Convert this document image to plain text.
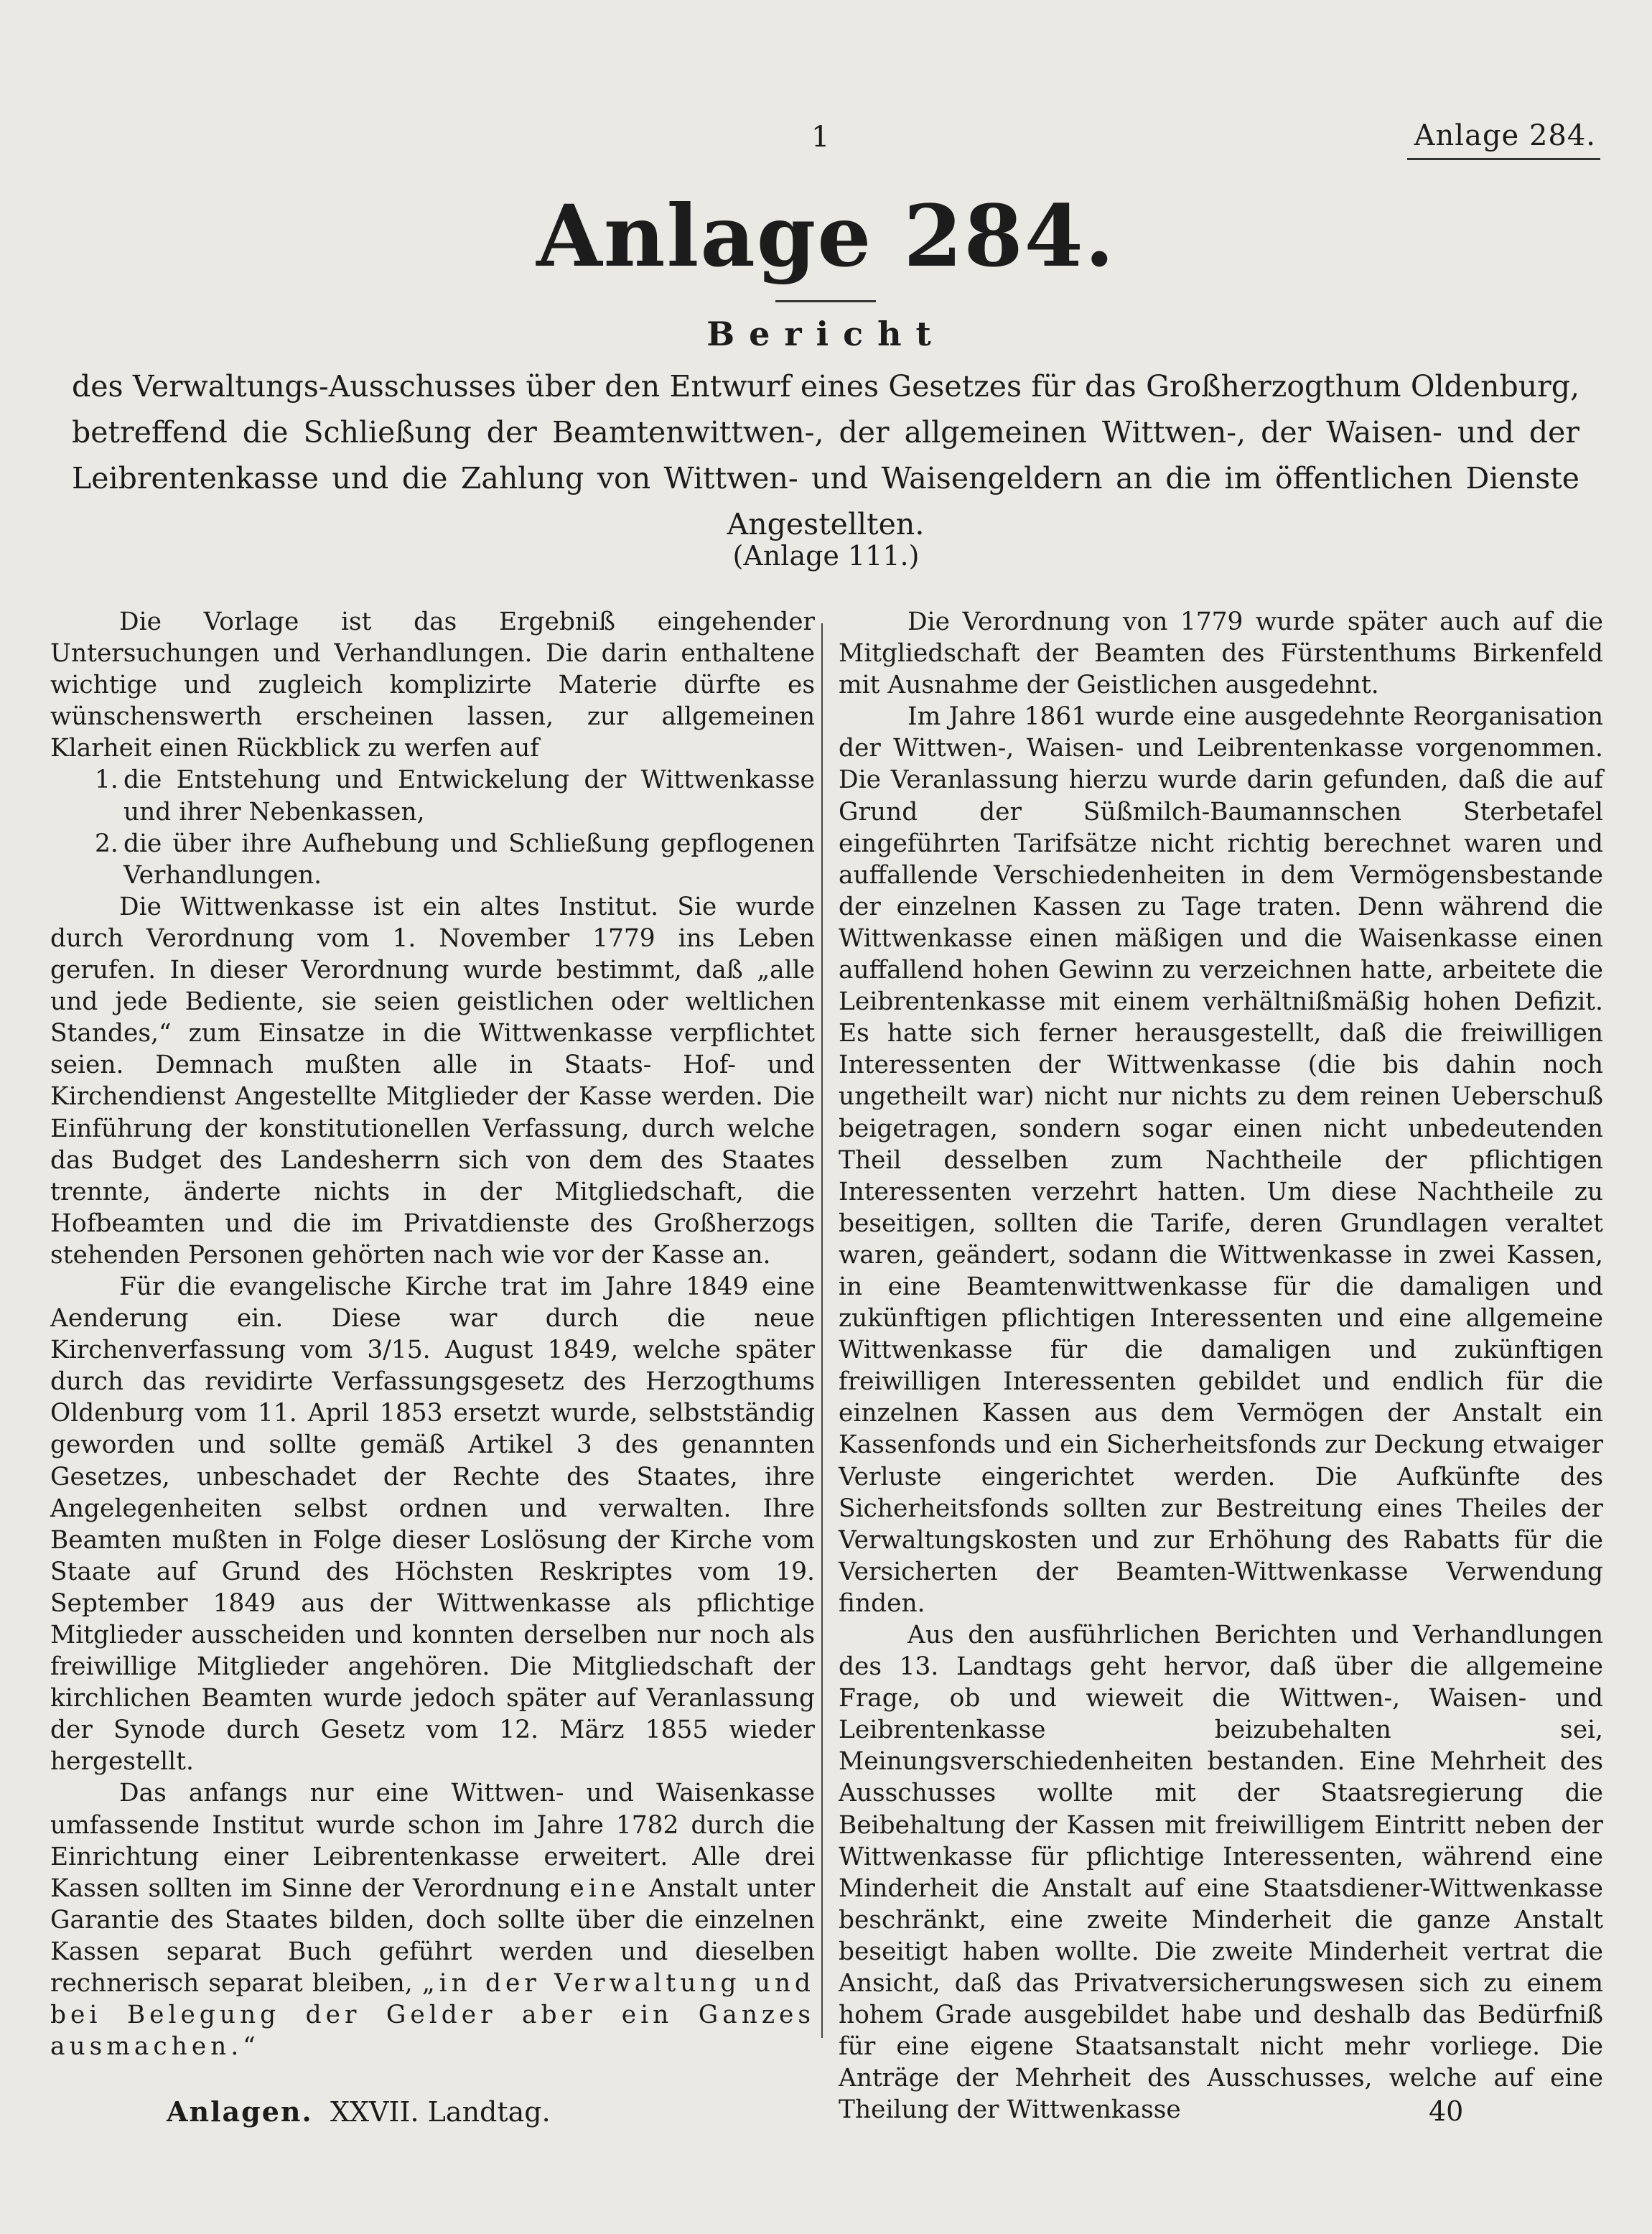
1	Anlage 284.
Anlage 284.
Bericht
des Verwaltungs-Ausschusses über den Entwurf eines Gesetzes für das Großherzogthum Oldenburg, betreffend die Schließung der Beamtenwittwen-, der allgemeinen Wittwen-, der Waisen- und der Leibrentenkasse und die Zahlung von Wittwen- und Waisengeldern an die im öffentlichen Dienste Angestellten.
(Anlage 111.)

Die Vorlage ist das Ergebniß eingehender Untersuchungen und Verhandlungen. Die darin enthaltene wichtige und zugleich komplizirte Materie dürfte es wünschenswerth erscheinen lassen, zur allgemeinen Klarheit einen Rückblick zu werfen auf

1. die Entstehung und Entwickelung der Wittwenkasse und ihrer Nebenkassen,
2. die über ihre Aufhebung und Schließung gepflogenen Verhandlungen.

Die Wittwenkasse ist ein altes Institut. Sie wurde durch Verordnung vom 1. November 1779 ins Leben gerufen. In dieser Verordnung wurde bestimmt, daß „alle und jede Bediente, sie seien geistlichen oder weltlichen Standes,“ zum Einsatze in die Wittwenkasse verpflichtet seien. Demnach mußten alle in Staats- Hof- und Kirchendienst Angestellte Mitglieder der Kasse werden. Die Einführung der konstitutionellen Verfassung, durch welche das Budget des Landesherrn sich von dem des Staates trennte, änderte nichts in der Mitgliedschaft, die Hofbeamten und die im Privatdienste des Großherzogs stehenden Personen gehörten nach wie vor der Kasse an.

Für die evangelische Kirche trat im Jahre 1849 eine Aenderung ein. Diese war durch die neue Kirchenverfassung vom 3/15. August 1849, welche später durch das revidirte Verfassungsgesetz des Herzogthums Oldenburg vom 11. April 1853 ersetzt wurde, selbstständig geworden und sollte gemäß Artikel 3 des genannten Gesetzes, unbeschadet der Rechte des Staates, ihre Angelegenheiten selbst ordnen und verwalten. Ihre Beamten mußten in Folge dieser Loslösung der Kirche vom Staate auf Grund des Höchsten Reskriptes vom 19. September 1849 aus der Wittwenkasse als pflichtige Mitglieder ausscheiden und konnten derselben nur noch als freiwillige Mitglieder angehören. Die Mitgliedschaft der kirchlichen Beamten wurde jedoch später auf Veranlassung der Synode durch Gesetz vom 12. März 1855 wieder hergestellt.

Das anfangs nur eine Wittwen- und Waisenkasse umfassende Institut wurde schon im Jahre 1782 durch die Einrichtung einer Leibrentenkasse erweitert. Alle drei Kassen sollten im Sinne der Verordnung eine Anstalt unter Garantie des Staates bilden, doch sollte über die einzelnen Kassen separat Buch geführt werden und dieselben rechnerisch separat bleiben, „in der Verwaltung und bei Belegung der Gelder aber ein Ganzes ausmachen.“

Die Verordnung von 1779 wurde später auch auf die Mitgliedschaft der Beamten des Fürstenthums Birkenfeld mit Ausnahme der Geistlichen ausgedehnt.

Im Jahre 1861 wurde eine ausgedehnte Reorganisation der Wittwen-, Waisen- und Leibrentenkasse vorgenommen. Die Veranlassung hierzu wurde darin gefunden, daß die auf Grund der Süßmilch-Baumannschen Sterbetafel eingeführten Tarifsätze nicht richtig berechnet waren und auffallende Verschiedenheiten in dem Vermögensbestande der einzelnen Kassen zu Tage traten. Denn während die Wittwenkasse einen mäßigen und die Waisenkasse einen auffallend hohen Gewinn zu verzeichnen hatte, arbeitete die Leibrentenkasse mit einem verhältnißmäßig hohen Defizit. Es hatte sich ferner herausgestellt, daß die freiwilligen Interessenten der Wittwenkasse (die bis dahin noch ungetheilt war) nicht nur nichts zu dem reinen Ueberschuß beigetragen, sondern sogar einen nicht unbedeutenden Theil desselben zum Nachtheile der pflichtigen Interessenten verzehrt hatten. Um diese Nachtheile zu beseitigen, sollten die Tarife, deren Grundlagen veraltet waren, geändert, sodann die Wittwenkasse in zwei Kassen, in eine Beamtenwittwenkasse für die damaligen und zukünftigen pflichtigen Interessenten und eine allgemeine Wittwenkasse für die damaligen und zukünftigen freiwilligen Interessenten gebildet und endlich für die einzelnen Kassen aus dem Vermögen der Anstalt ein Kassenfonds und ein Sicherheitsfonds zur Deckung etwaiger Verluste eingerichtet werden. Die Aufkünfte des Sicherheitsfonds sollten zur Bestreitung eines Theiles der Verwaltungskosten und zur Erhöhung des Rabatts für die Versicherten der Beamten-Wittwenkasse Verwendung finden.

Aus den ausführlichen Berichten und Verhandlungen des 13. Landtags geht hervor, daß über die allgemeine Frage, ob und wieweit die Wittwen-, Waisen- und Leibrentenkasse beizubehalten sei, Meinungsverschiedenheiten bestanden. Eine Mehrheit des Ausschusses wollte mit der Staatsregierung die Beibehaltung der Kassen mit freiwilligem Eintritt neben der Wittwenkasse für pflichtige Interessenten, während eine Minderheit die Anstalt auf eine Staatsdiener-Wittwenkasse beschränkt, eine zweite Minderheit die ganze Anstalt beseitigt haben wollte. Die zweite Minderheit vertrat die Ansicht, daß das Privatversicherungswesen sich zu einem hohem Grade ausgebildet habe und deshalb das Bedürfniß für eine eigene Staatsanstalt nicht mehr vorliege. Die Anträge der Mehrheit des Ausschusses, welche auf eine Theilung der Wittwenkasse

Anlagen. XXVII. Landtag.	40
